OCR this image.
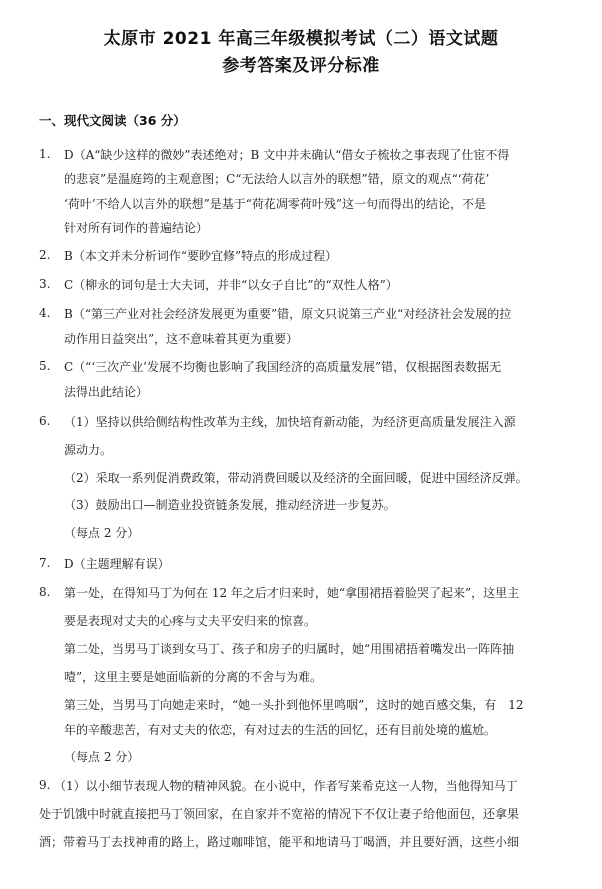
太原市 2021 年高三年级模拟考试（二）语文试题
参考答案及评分标准
一、现代文阅读（36 分）
1. D（A“缺少这样的微妙”表述绝对；B 文中并未确认“借女子梳妆之事表现了仕宦不得
的悲哀”是温庭筠的主观意图；C“无法给人以言外的联想”错，原文的观点“‘荷花’
‘荷叶’不给人以言外的联想”是基于“荷花凋零荷叶残”这一句而得出的结论，不是
针对所有词作的普遍结论）
2. B（本文并未分析词作“要眇宜修”特点的形成过程）
3. C（柳永的词句是士大夫词，并非“以女子自比”的“双性人格”）
4. B（“第三产业对社会经济发展更为重要”错，原文只说第三产业“对经济社会发展的拉
动作用日益突出”，这不意味着其更为重要）
5. C（“‘三次产业’发展不均衡也影响了我国经济的高质量发展”错，仅根据图表数据无
法得出此结论）
6. （1）坚持以供给侧结构性改革为主线，加快培育新动能，为经济更高质量发展注入源
源动力。
（2）采取一系列促消费政策，带动消费回暖以及经济的全面回暖，促进中国经济反弹。
（3）鼓励出口—制造业投资链条发展，推动经济进一步复苏。
（每点 2 分）
7. D（主题理解有误）
8. 第一处，在得知马丁为何在 12 年之后才归来时，她“拿围裙捂着脸哭了起来”，这里主
要是表现对丈夫的心疼与丈夫平安归来的惊喜。
第二处，当男马丁谈到女马丁、孩子和房子的归属时，她“用围裙捂着嘴发出一阵阵抽
噎”，这里主要是她面临新的分离的不舍与为难。
第三处，当男马丁向她走来时，“她一头扑到他怀里鸣咽”，这时的她百感交集，有　12
年的辛酸悲苦，有对丈夫的依恋，有对过去的生活的回忆，还有目前处境的尴尬。
（每点 2 分）
9. （1）以小细节表现人物的精神风貌。在小说中，作者写莱希克这一人物，当他得知马丁
处于饥饿中时就直接把马丁领回家，在自家并不宽裕的情况下不仅让妻子给他面包，还拿果
酒；带着马丁去找神甫的路上，路过咖啡馆，能平和地请马丁喝酒，并且要好酒，这些小细
